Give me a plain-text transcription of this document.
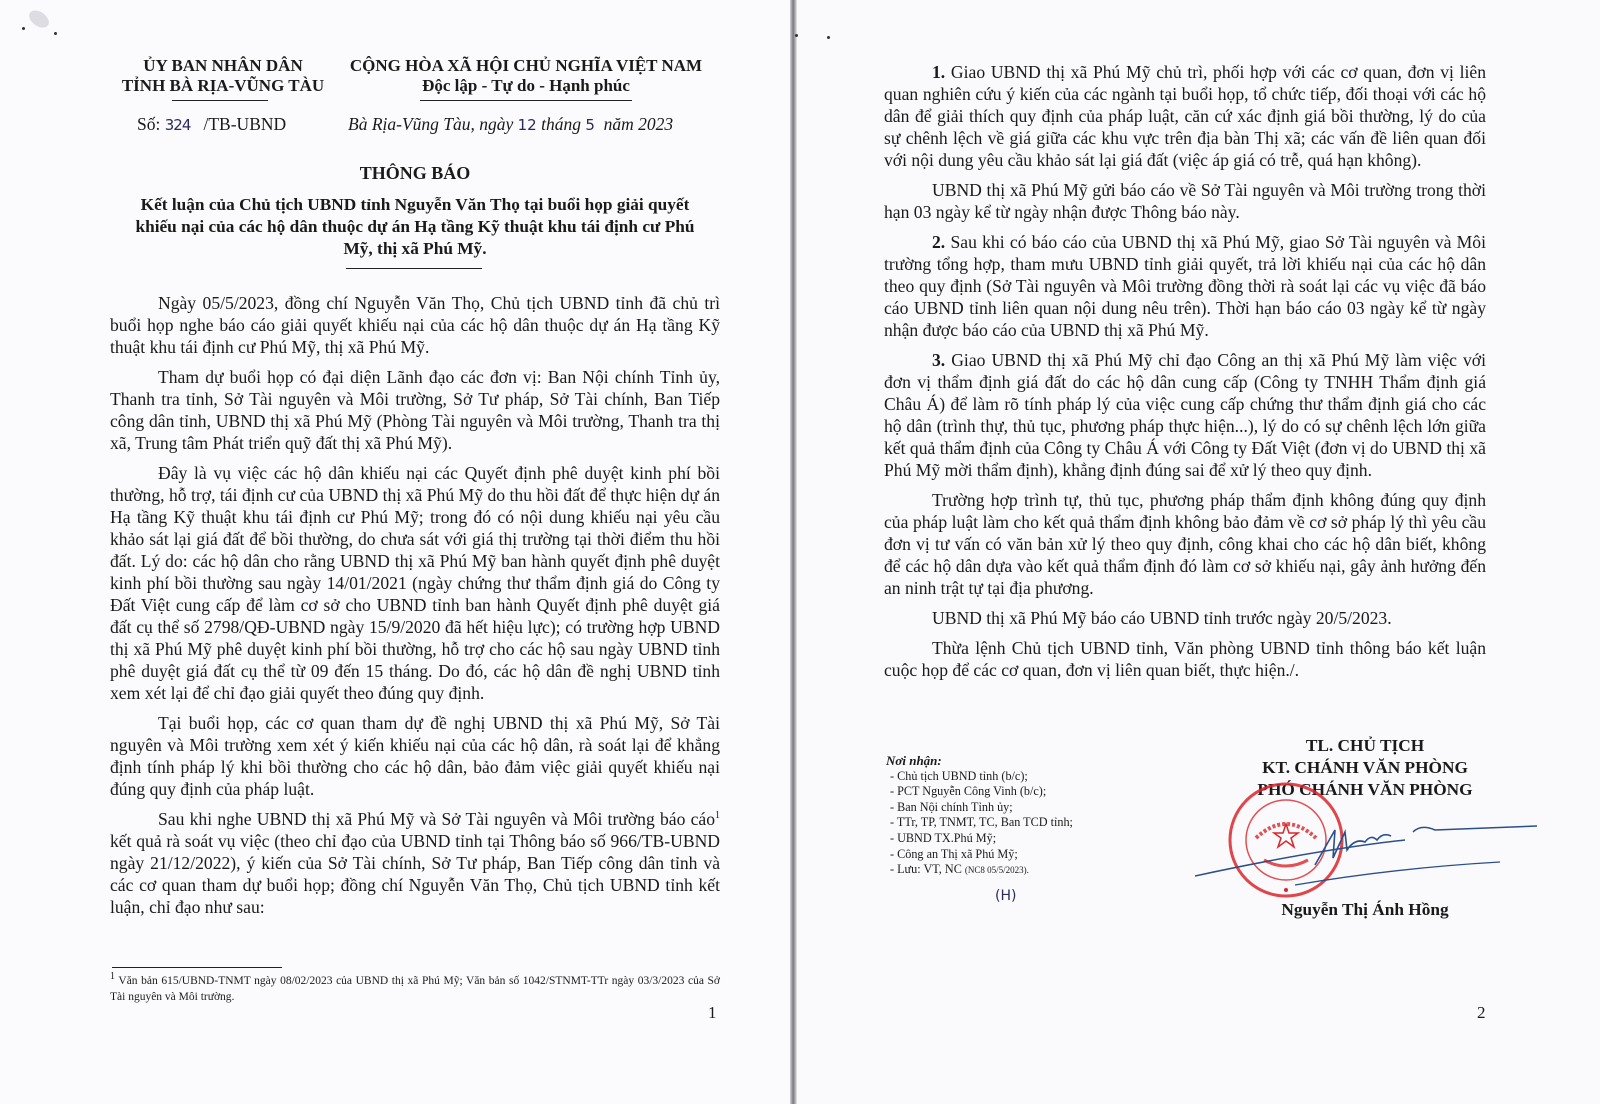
ỦY BAN NHÂN DÂN
TỈNH BÀ RỊA-VŨNG TÀU
CỘNG HÒA XÃ HỘI CHỦ NGHĨA VIỆT NAM
Độc lập - Tự do - Hạnh phúc
Số: 324 /TB-UBND	Bà Rịa-Vũng Tàu, ngày 12 tháng 5 năm 2023
THÔNG BÁO
Kết luận của Chủ tịch UBND tỉnh Nguyễn Văn Thọ tại buổi họp giải quyết khiếu nại của các hộ dân thuộc dự án Hạ tầng Kỹ thuật khu tái định cư Phú Mỹ, thị xã Phú Mỹ.

Ngày 05/5/2023, đồng chí Nguyễn Văn Thọ, Chủ tịch UBND tỉnh đã chủ trì buổi họp nghe báo cáo giải quyết khiếu nại của các hộ dân thuộc dự án Hạ tầng Kỹ thuật khu tái định cư Phú Mỹ, thị xã Phú Mỹ.

Tham dự buổi họp có đại diện Lãnh đạo các đơn vị: Ban Nội chính Tỉnh ủy, Thanh tra tỉnh, Sở Tài nguyên và Môi trường, Sở Tư pháp, Sở Tài chính, Ban Tiếp công dân tỉnh, UBND thị xã Phú Mỹ (Phòng Tài nguyên và Môi trường, Thanh tra thị xã, Trung tâm Phát triển quỹ đất thị xã Phú Mỹ).

Đây là vụ việc các hộ dân khiếu nại các Quyết định phê duyệt kinh phí bồi thường, hỗ trợ, tái định cư của UBND thị xã Phú Mỹ do thu hồi đất để thực hiện dự án Hạ tầng Kỹ thuật khu tái định cư Phú Mỹ; trong đó có nội dung khiếu nại yêu cầu khảo sát lại giá đất để bồi thường, do chưa sát với giá thị trường tại thời điểm thu hồi đất. Lý do: các hộ dân cho rằng UBND thị xã Phú Mỹ ban hành quyết định phê duyệt kinh phí bồi thường sau ngày 14/01/2021 (ngày chứng thư thẩm định giá do Công ty Đất Việt cung cấp để làm cơ sở cho UBND tỉnh ban hành Quyết định phê duyệt giá đất cụ thể số 2798/QĐ-UBND ngày 15/9/2020 đã hết hiệu lực); có trường hợp UBND thị xã Phú Mỹ phê duyệt kinh phí bồi thường, hỗ trợ cho các hộ sau ngày UBND tỉnh phê duyệt giá đất cụ thể từ 09 đến 15 tháng. Do đó, các hộ dân đề nghị UBND tỉnh xem xét lại để chỉ đạo giải quyết theo đúng quy định.

Tại buổi họp, các cơ quan tham dự đề nghị UBND thị xã Phú Mỹ, Sở Tài nguyên và Môi trường xem xét ý kiến khiếu nại của các hộ dân, rà soát lại để khẳng định tính pháp lý khi bồi thường cho các hộ dân, bảo đảm việc giải quyết khiếu nại đúng quy định của pháp luật.

Sau khi nghe UBND thị xã Phú Mỹ và Sở Tài nguyên và Môi trường báo cáo$^1$ kết quả rà soát vụ việc (theo chỉ đạo của UBND tỉnh tại Thông báo số 966/TB-UBND ngày 21/12/2022), ý kiến của Sở Tài chính, Sở Tư pháp, Ban Tiếp công dân tỉnh và các cơ quan tham dự buổi họp; đồng chí Nguyễn Văn Thọ, Chủ tịch UBND tỉnh kết luận, chỉ đạo như sau:

$^1$ Văn bản 615/UBND-TNMT ngày 08/02/2023 của UBND thị xã Phú Mỹ; Văn bản số 1042/STNMT-TTr ngày 03/3/2023 của Sở Tài nguyên và Môi trường.
1

1. Giao UBND thị xã Phú Mỹ chủ trì, phối hợp với các cơ quan, đơn vị liên quan nghiên cứu ý kiến của các ngành tại buổi họp, tổ chức tiếp, đối thoại với các hộ dân để giải thích quy định của pháp luật, căn cứ xác định giá bồi thường, lý do của sự chênh lệch về giá giữa các khu vực trên địa bàn Thị xã; các vấn đề liên quan đối với nội dung yêu cầu khảo sát lại giá đất (việc áp giá có trễ, quá hạn không).

UBND thị xã Phú Mỹ gửi báo cáo về Sở Tài nguyên và Môi trường trong thời hạn 03 ngày kể từ ngày nhận được Thông báo này.

2. Sau khi có báo cáo của UBND thị xã Phú Mỹ, giao Sở Tài nguyên và Môi trường tổng hợp, tham mưu UBND tỉnh giải quyết, trả lời khiếu nại của các hộ dân theo quy định (Sở Tài nguyên và Môi trường đồng thời rà soát lại các vụ việc đã báo cáo UBND tỉnh liên quan nội dung nêu trên). Thời hạn báo cáo 03 ngày kể từ ngày nhận được báo cáo của UBND thị xã Phú Mỹ.

3. Giao UBND thị xã Phú Mỹ chỉ đạo Công an thị xã Phú Mỹ làm việc với đơn vị thẩm định giá đất do các hộ dân cung cấp (Công ty TNHH Thẩm định giá Châu Á) để làm rõ tính pháp lý của việc cung cấp chứng thư thẩm định giá cho các hộ dân (trình thự, thủ tục, phương pháp thực hiện...), lý do có sự chênh lệch lớn giữa kết quả thẩm định của Công ty Châu Á với Công ty Đất Việt (đơn vị do UBND thị xã Phú Mỹ mời thẩm định), khẳng định đúng sai để xử lý theo quy định.

Trường hợp trình tự, thủ tục, phương pháp thẩm định không đúng quy định của pháp luật làm cho kết quả thẩm định không bảo đảm về cơ sở pháp lý thì yêu cầu đơn vị tư vấn có văn bản xử lý theo quy định, công khai cho các hộ dân biết, không để các hộ dân dựa vào kết quả thẩm định đó làm cơ sở khiếu nại, gây ảnh hưởng đến an ninh trật tự tại địa phương.

UBND thị xã Phú Mỹ báo cáo UBND tỉnh trước ngày 20/5/2023.

Thừa lệnh Chủ tịch UBND tỉnh, Văn phòng UBND tỉnh thông báo kết luận cuộc họp để các cơ quan, đơn vị liên quan biết, thực hiện./.

Nơi nhận:
- Chủ tịch UBND tỉnh (b/c);
- PCT Nguyễn Công Vinh (b/c);
- Ban Nội chính Tỉnh ủy;
- TTr, TP, TNMT, TC, Ban TCD tỉnh;
- UBND TX.Phú Mỹ;
- Công an Thị xã Phú Mỹ;
- Lưu: VT, NC (NC8 05/5/2023).
(H)
TL. CHỦ TỊCH
KT. CHÁNH VĂN PHÒNG
PHÓ CHÁNH VĂN PHÒNG
Nguyễn Thị Ánh Hồng
2
